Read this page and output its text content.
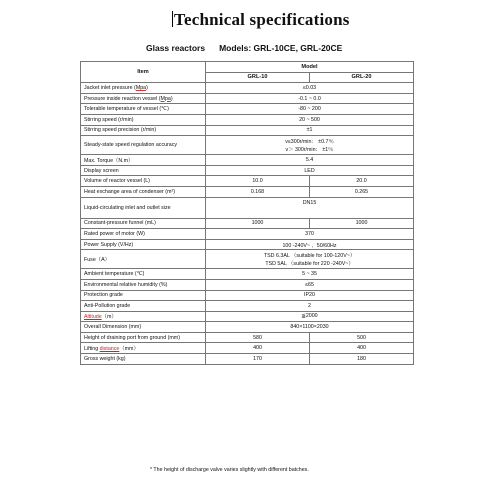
Technical specifications
Glass reactors Models: GRL-10CE, GRL-20CE
Item	Model	
	GRL-10	GRL-20
Jacket inlet pressure (Mpa)	≤0.03	
Pressure inside reaction vessel (Mpa)	-0.1 ~ 0.0	
Tolerable temperature of vessel (℃)	-80 ~ 200	
Stirring speed (r/min)	20 ~ 500	
Stirring speed precision (r/min)	±1	
Steady-state speed regulation accuracy	v≤300r/min： ±0.7％
v＞ 300r/min： ±1％	

Max. Torque（N.m）	5.4	
Display screen	LED	
Volume of reactor vessel (L)	10.0	20.0
Heat exchange area of condenser (m²)	0.168	0.265
Liquid-circulating inlet and outlet size	DN15	
Constant-pressure funnel (mL)	1000	1000
Rated power of motor (W)	370	
Power Supply (V/Hz)	100 -240V~ 、50/60Hz	
Fuse（A）	TSD 6.3AL （suitable for 100-120V~）
TSD 5AL （suitable for 220 -240V~）	

Ambient temperature (℃)	5 ~ 35	
Environmental relative humidity (%)	≤65	
Protection grade	IP20	
Anti-Pollution grade	2	
Altitude（m）	≦2000	
Overall Dimension (mm)	840×1100×2030	
Height of draining port from ground (mm)	580	500
Lifting distance（mm）	400	400
Gross weight (kg)	170	180
* The height of discharge valve varies slightly with different batches.
